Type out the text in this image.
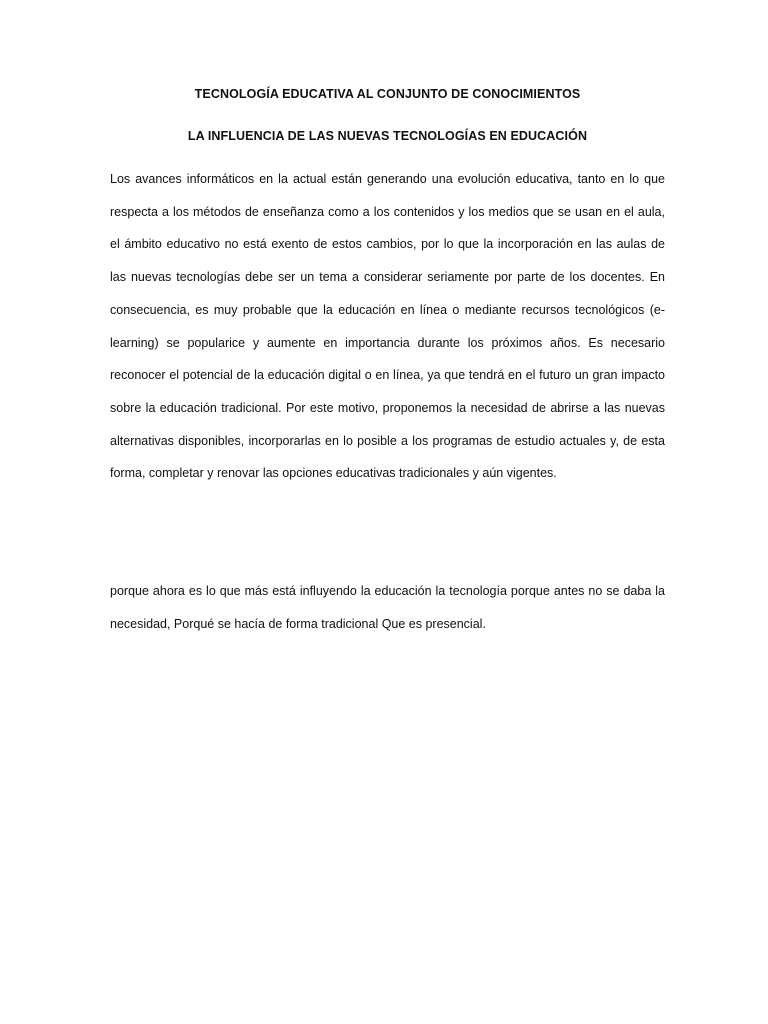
TECNOLOGÍA EDUCATIVA AL CONJUNTO DE CONOCIMIENTOS
LA INFLUENCIA DE LAS NUEVAS TECNOLOGÍAS EN EDUCACIÓN

Los avances informáticos en la actual están generando una evolución educativa, tanto en lo que respecta a los métodos de enseñanza como a los contenidos y los medios que se usan en el aula, el ámbito educativo no está exento de estos cambios, por lo que la incorporación en las aulas de las nuevas tecnologías debe ser un tema a considerar seriamente por parte de los docentes. En consecuencia, es muy probable que la educación en línea o mediante recursos tecnológicos (e-learning) se popularice y aumente en importancia durante los próximos años. Es necesario reconocer el potencial de la educación digital o en línea, ya que tendrá en el futuro un gran impacto sobre la educación tradicional. Por este motivo, proponemos la necesidad de abrirse a las nuevas alternativas disponibles, incorporarlas en lo posible a los programas de estudio actuales y, de esta forma, completar y renovar las opciones educativas tradicionales y aún vigentes.

porque ahora es lo que más está influyendo la educación la tecnología porque antes no se daba la necesidad, Porqué se hacía de forma tradicional Que es presencial.
